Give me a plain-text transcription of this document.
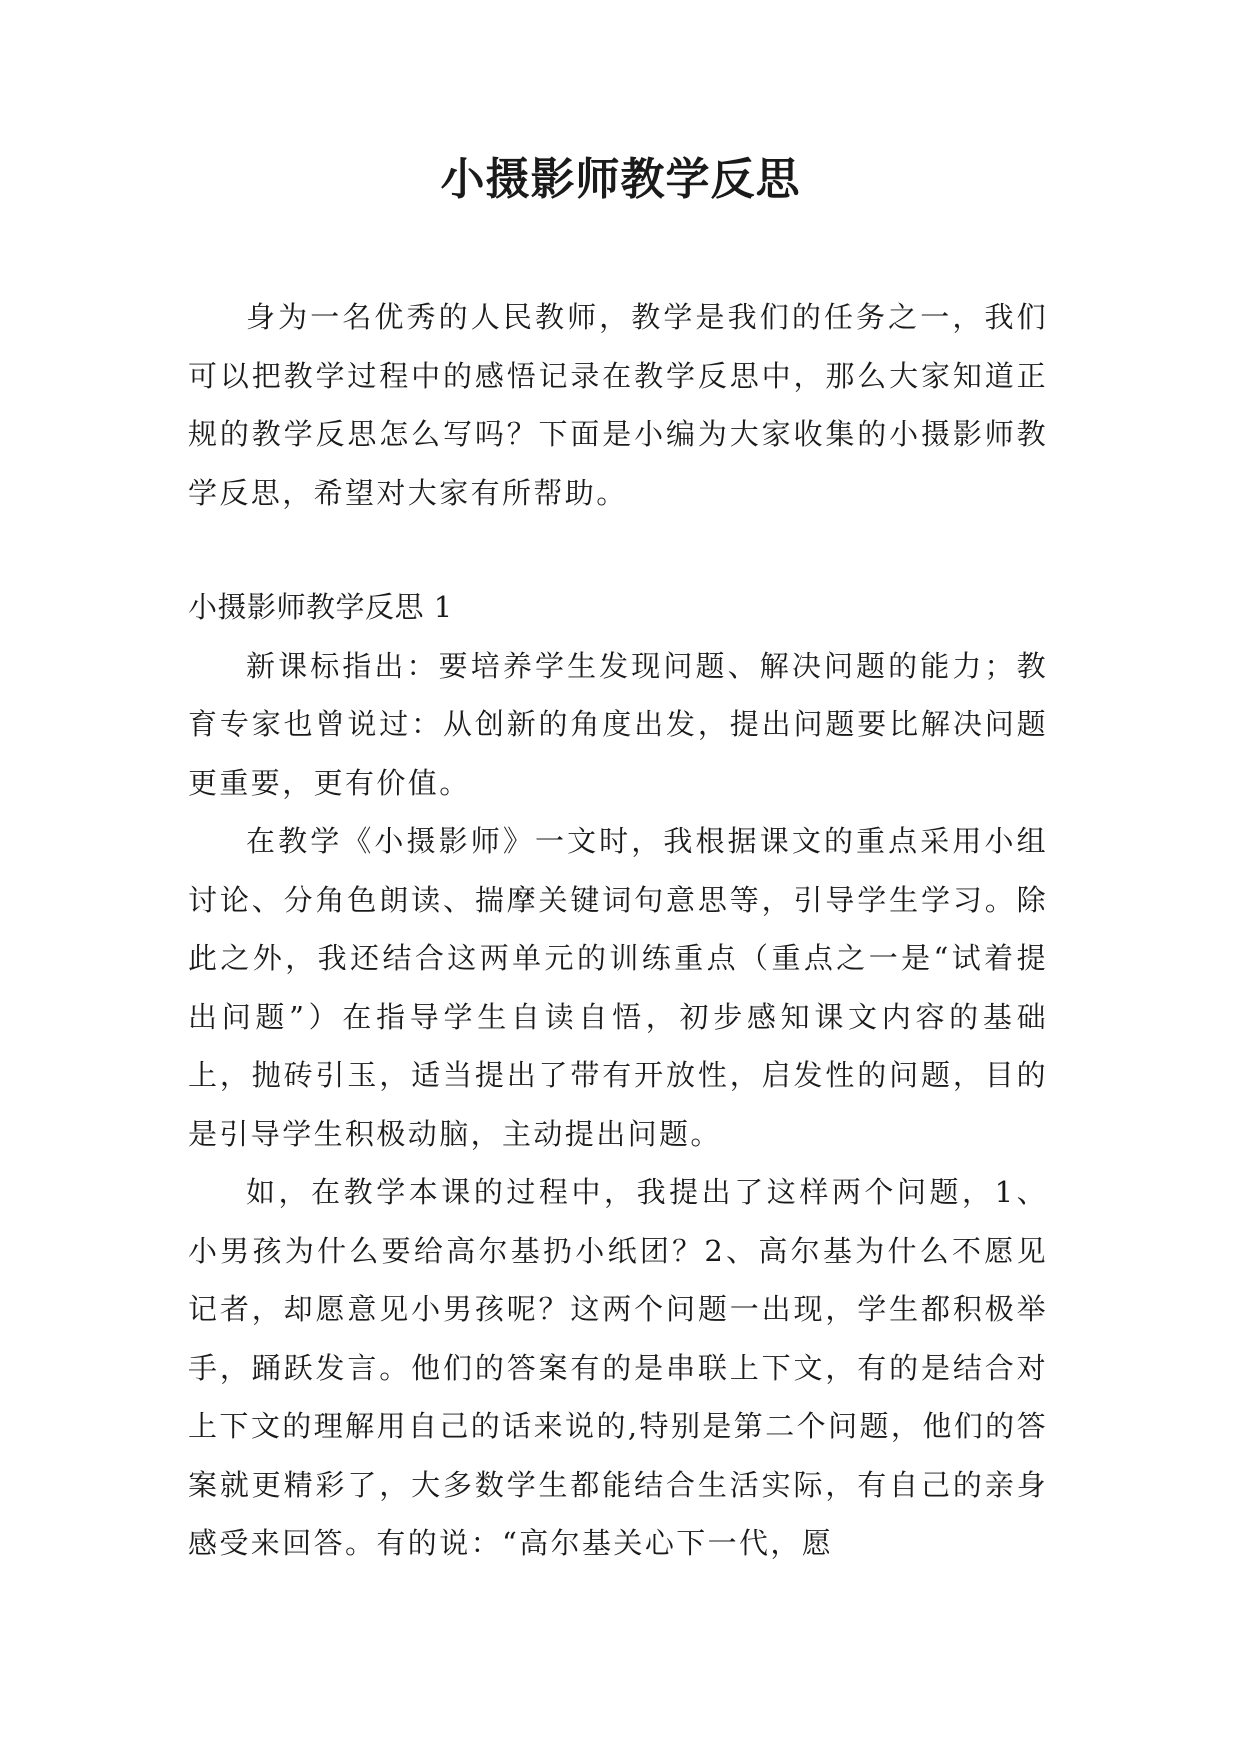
小摄影师教学反思

身为一名优秀的人民教师，教学是我们的任务之一，我们可以把教学过程中的感悟记录在教学反思中，那么大家知道正规的教学反思怎么写吗？下面是小编为大家收集的小摄影师教学反思，希望对大家有所帮助。

小摄影师教学反思 1

新课标指出：要培养学生发现问题、解决问题的能力；教育专家也曾说过：从创新的角度出发，提出问题要比解决问题更重要，更有价值。

在教学《小摄影师》一文时，我根据课文的重点采用小组讨论、分角色朗读、揣摩关键词句意思等，引导学生学习。除此之外，我还结合这两单元的训练重点（重点之一是“试着提出问题”）在指导学生自读自悟，初步感知课文内容的基础上，抛砖引玉，适当提出了带有开放性，启发性的问题，目的是引导学生积极动脑，主动提出问题。

如，在教学本课的过程中，我提出了这样两个问题，1、小男孩为什么要给高尔基扔小纸团？2、高尔基为什么不愿见记者，却愿意见小男孩呢？这两个问题一出现，学生都积极举手，踊跃发言。他们的答案有的是串联上下文，有的是结合对上下文的理解用自己的话来说的,特别是第二个问题，他们的答案就更精彩了，大多数学生都能结合生活实际，有自己的亲身感受来回答。有的说：“高尔基关心下一代，愿
